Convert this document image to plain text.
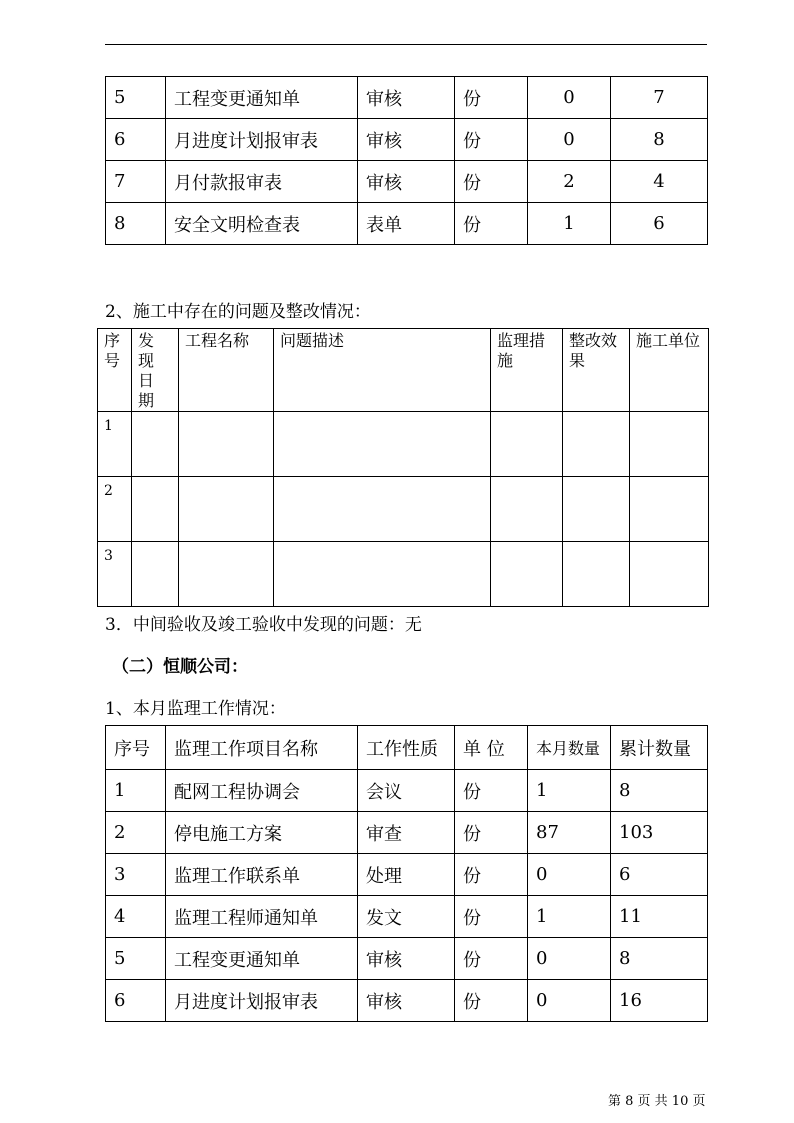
5	工程变更通知单	审核	份	0	7
6	月进度计划报审表	审核	份	0	8
7	月付款报审表	审核	份	2	4
8	安全文明检查表	表单	份	1	6
2、施工中存在的问题及整改情况：
序号	发现日期	工程名称	问题描述	监理措施	整改效果	施工单位
1						
2						
3						
3．中间验收及竣工验收中发现的问题：无
（二）恒顺公司：
1、本月监理工作情况：
序号	监理工作项目名称	工作性质	单 位	本月数量	累计数量
1	配网工程协调会	会议	份	1	8
2	停电施工方案	审查	份	87	103
3	监理工作联系单	处理	份	0	6
4	监理工程师通知单	发文	份	1	11
5	工程变更通知单	审核	份	0	8
6	月进度计划报审表	审核	份	0	16
第 8 页 共 10 页
